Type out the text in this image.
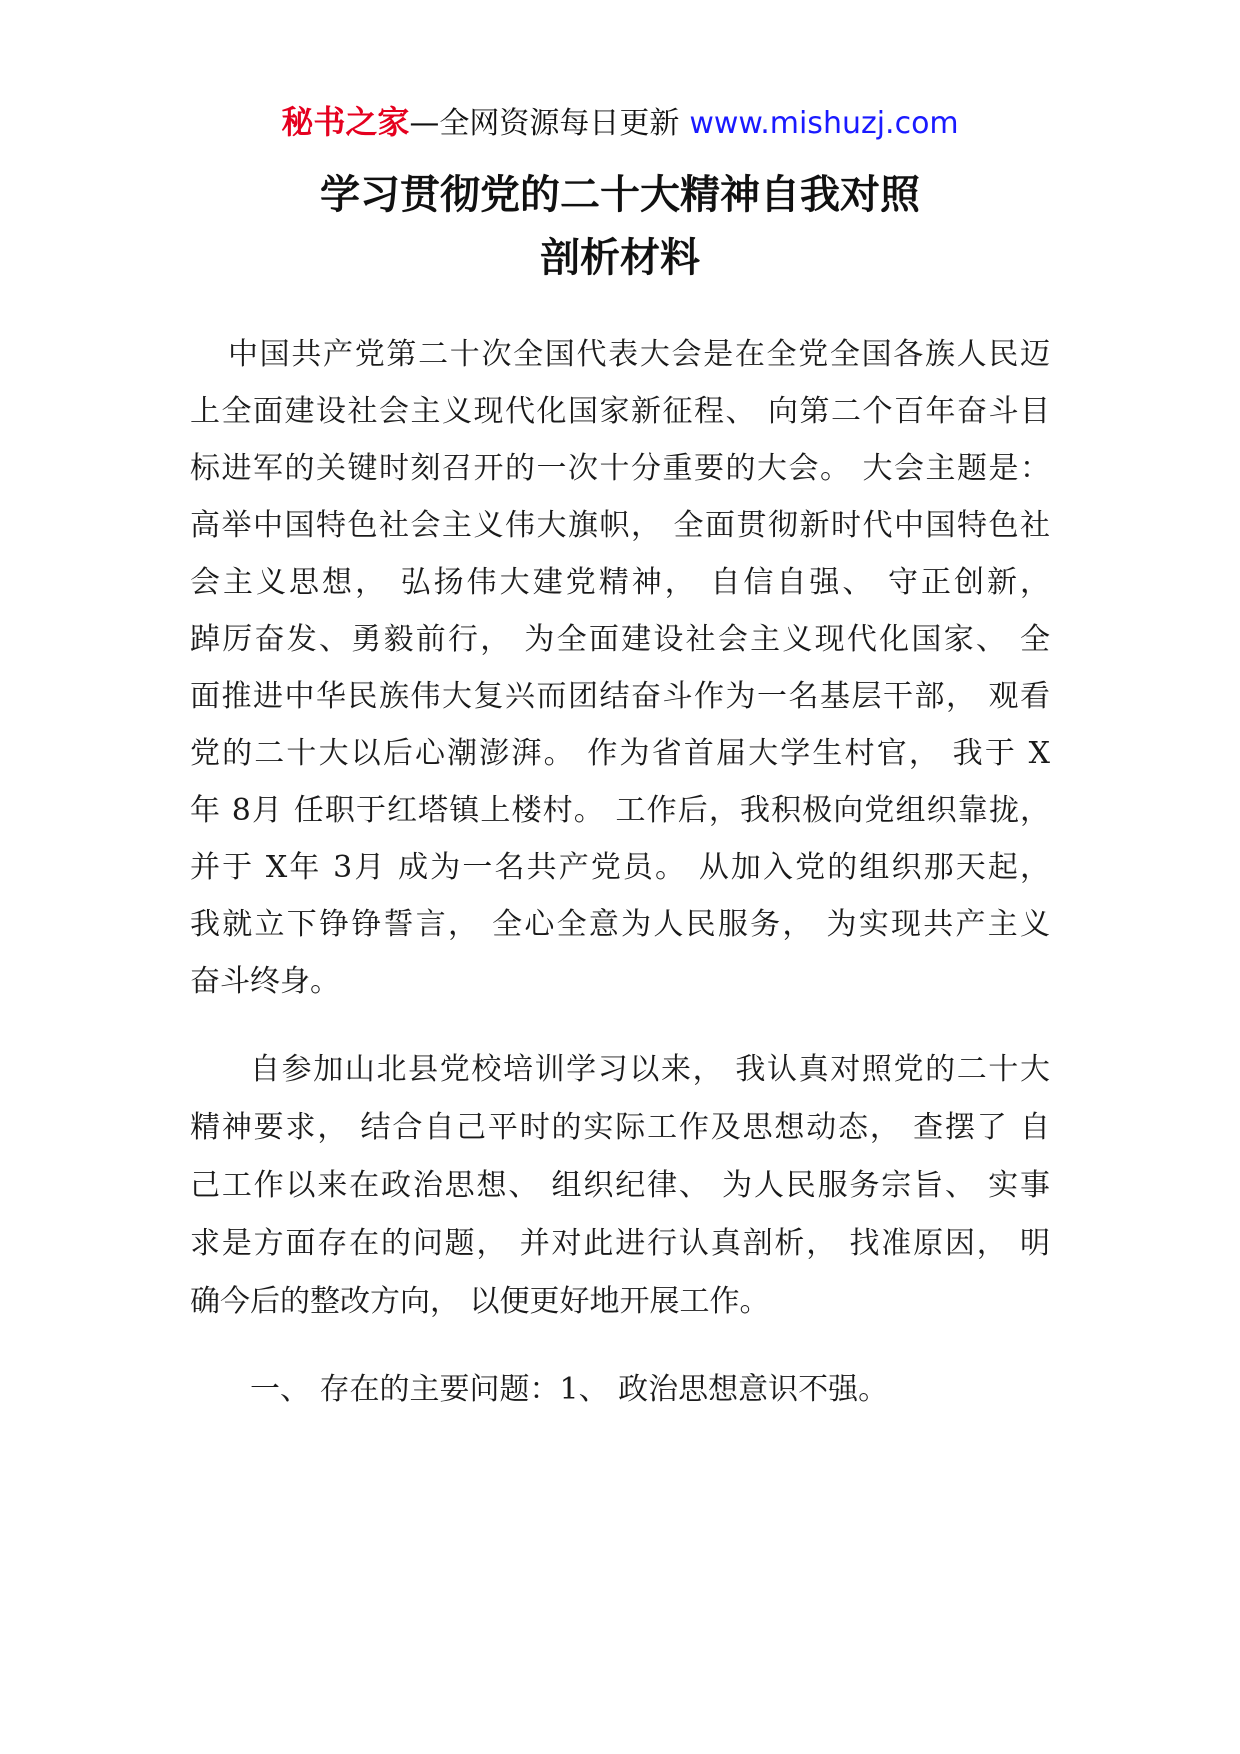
秘书之家—全网资源每日更新 www.mishuzj.com
学习贯彻党的二十大精神自我对照
剖析材料
中国共产党第二十次全国代表大会是在全党全国各族人民迈
上全面建设社会主义现代化国家新征程、 向第二个百年奋斗目
标进军的关键时刻召开的一次十分重要的大会。 大会主题是：
高举中国特色社会主义伟大旗帜， 全面贯彻新时代中国特色社
会主义思想， 弘扬伟大建党精神， 自信自强、 守正创新，
踔厉奋发、勇毅前行， 为全面建设社会主义现代化国家、 全
面推进中华民族伟大复兴而团结奋斗作为一名基层干部， 观看
党的二十大以后心潮澎湃。 作为省首届大学生村官， 我于 X
年 8月 任职于红塔镇上楼村。 工作后，我积极向党组织靠拢，
并于 X年 3月 成为一名共产党员。 从加入党的组织那天起，
我就立下铮铮誓言， 全心全意为人民服务， 为实现共产主义
奋斗终身。
自参加山北县党校培训学习以来， 我认真对照党的二十大
精神要求， 结合自己平时的实际工作及思想动态， 查摆了 自
己工作以来在政治思想、 组织纪律、 为人民服务宗旨、 实事
求是方面存在的问题， 并对此进行认真剖析， 找准原因， 明
确今后的整改方向， 以便更好地开展工作。
一、 存在的主要问题：1、 政治思想意识不强。
